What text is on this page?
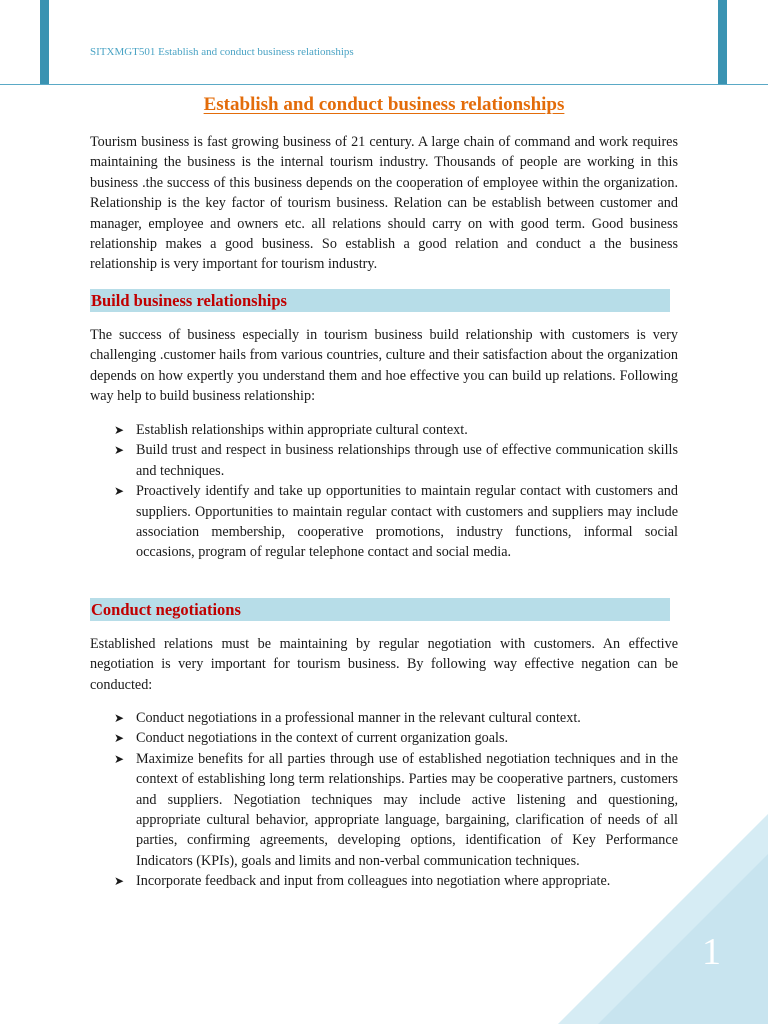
SITXMGT501 Establish and conduct business relationships
Establish and conduct business relationships

Tourism business is fast growing business of 21 century. A large chain of command and work requires maintaining the business is the internal tourism industry. Thousands of people are working in this business .the success of this business depends on the cooperation of employee within the organization. Relationship is the key factor of tourism business. Relation can be establish between customer and manager, employee and owners etc. all relations should carry on with good term. Good business relationship makes a good business. So establish a good relation and conduct a the business relationship is very important for tourism industry.

Build business relationships

The success of business especially in tourism business build relationship with customers is very challenging .customer hails from various countries, culture and their satisfaction about the organization depends on how expertly you understand them and hoe effective you can build up relations. Following way help to build business relationship:

➤ Establish relationships within appropriate cultural context.
➤ Build trust and respect in business relationships through use of effective communication skills and techniques.
➤ Proactively identify and take up opportunities to maintain regular contact with customers and suppliers. Opportunities to maintain regular contact with customers and suppliers may include association membership, cooperative promotions, industry functions, informal social occasions, program of regular telephone contact and social media.
Conduct negotiations

Established relations must be maintaining by regular negotiation with customers. An effective negotiation is very important for tourism business. By following way effective negation can be conducted:

➤ Conduct negotiations in a professional manner in the relevant cultural context.
➤ Conduct negotiations in the context of current organization goals.
➤ Maximize benefits for all parties through use of established negotiation techniques and in the context of establishing long term relationships. Parties may be cooperative partners, customers and suppliers. Negotiation techniques may include active listening and questioning, appropriate cultural behavior, appropriate language, bargaining, clarification of needs of all parties, confirming agreements, developing options, identification of Key Performance Indicators (KPIs), goals and limits and non-verbal communication techniques.
➤ Incorporate feedback and input from colleagues into negotiation where appropriate.
1
